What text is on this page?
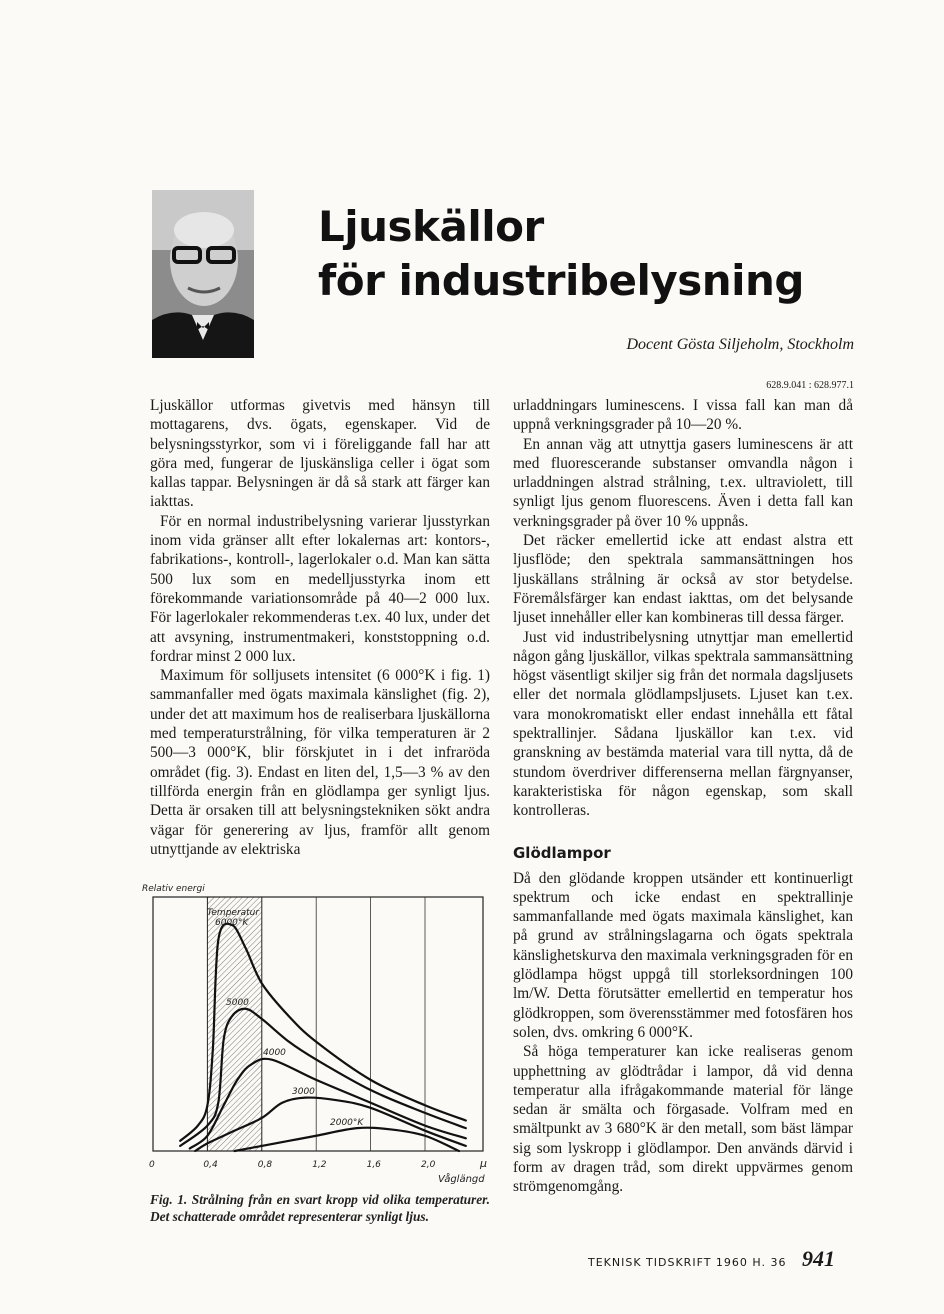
Ljuskällor
för industribelysning
Docent Gösta Siljeholm, Stockholm
628.9.041 : 628.977.1

Ljuskällor utformas givetvis med hänsyn till mottagarens, dvs. ögats, egenskaper. Vid de belysningsstyrkor, som vi i föreliggande fall har att göra med, fungerar de ljuskänsliga celler i ögat som kallas tappar. Belysningen är då så stark att färger kan iakttas.

För en normal industribelysning varierar ljusstyrkan inom vida gränser allt efter lokalernas art: kontors-, fabrikations-, kontroll-, lagerlokaler o.d. Man kan sätta 500 lux som en medelljusstyrka inom ett förekommande variationsområde på 40—2 000 lux. För lagerlokaler rekommenderas t.ex. 40 lux, under det att avsyning, instrumentmakeri, konststoppning o.d. fordrar minst 2 000 lux.

Maximum för solljusets intensitet (6 000°K i fig. 1) sammanfaller med ögats maximala känslighet (fig. 2), under det att maximum hos de realiserbara ljuskällorna med temperaturstrålning, för vilka temperaturen är 2 500—3 000°K, blir förskjutet in i det infraröda området (fig. 3). Endast en liten del, 1,5—3 % av den tillförda energin från en glödlampa ger synligt ljus. Detta är orsaken till att belysningstekniken sökt andra vägar för generering av ljus, framför allt genom utnyttjande av elektriska

Relativ energi
0	0,4	0,8	1,2	1,6	2,0
Temperatur
6000°K
5000
4000
3000
2000°K
µ
Våglängd
Fig. 1. Strålning från en svart kropp vid olika temperaturer. Det schatterade området representerar synligt ljus.

urladdningars luminescens. I vissa fall kan man då uppnå verkningsgrader på 10—20 %.

En annan väg att utnyttja gasers luminescens är att med fluorescerande substanser omvandla någon i urladdningen alstrad strålning, t.ex. ultraviolett, till synligt ljus genom fluorescens. Även i detta fall kan verkningsgrader på över 10 % uppnås.

Det räcker emellertid icke att endast alstra ett ljusflöde; den spektrala sammansättningen hos ljuskällans strålning är också av stor betydelse. Föremålsfärger kan endast iakttas, om det belysande ljuset innehåller eller kan kombineras till dessa färger.

Just vid industribelysning utnyttjar man emellertid någon gång ljuskällor, vilkas spektrala sammansättning högst väsentligt skiljer sig från det normala dagsljusets eller det normala glödlampsljusets. Ljuset kan t.ex. vara monokromatiskt eller endast innehålla ett fåtal spektrallinjer. Sådana ljuskällor kan t.ex. vid granskning av bestämda material vara till nytta, då de stundom överdriver differenserna mellan färgnyanser, karakteristiska för någon egenskap, som skall kontrolleras.

Glödlampor

Då den glödande kroppen utsänder ett kontinuerligt spektrum och icke endast en spektrallinje sammanfallande med ögats maximala känslighet, kan på grund av strålningslagarna och ögats spektrala känslighetskurva den maximala verkningsgraden för en glödlampa högst uppgå till storleksordningen 100 lm/W. Detta förutsätter emellertid en temperatur hos glödkroppen, som överensstämmer med fotosfären hos solen, dvs. omkring 6 000°K.

Så höga temperaturer kan icke realiseras genom upphettning av glödtrådar i lampor, då vid denna temperatur alla ifrågakommande material för länge sedan är smälta och förgasade. Volfram med en smältpunkt av 3 680°K är den metall, som bäst lämpar sig som lyskropp i glödlampor. Den används därvid i form av dragen tråd, som direkt uppvärmes genom strömgenomgång.

TEKNISK TIDSKRIFT 1960 H. 36 941
